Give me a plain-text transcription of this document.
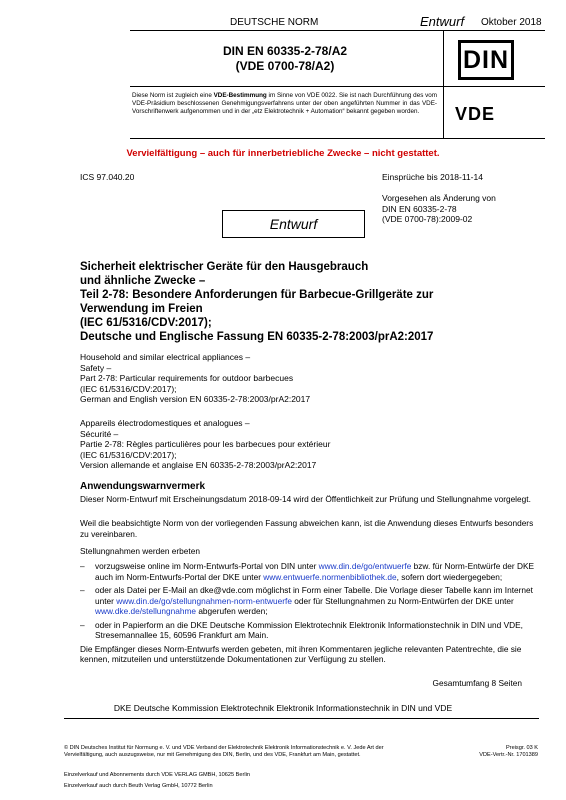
DEUTSCHE NORM	Entwurf Oktober 2018
DIN EN 60335-2-78/A2
(VDE 0700-78/A2)	DIN
Diese Norm ist zugleich eine VDE-Bestimmung im Sinne von VDE 0022. Sie ist nach Durchführung des vom VDE-Präsidium beschlossenen Genehmigungsverfahrens unter der oben angeführten Nummer in das VDE-Vorschriftenwerk aufgenommen und in der „etz Elektrotechnik + Automation“ bekannt gegeben worden.	VDE
Vervielfältigung – auch für innerbetriebliche Zwecke – nicht gestattet.
ICS 97.040.20	Einsprüche bis 2018-11-14
Vorgesehen als Änderung von
DIN EN 60335-2-78
(VDE 0700-78):2009-02
Entwurf
Sicherheit elektrischer Geräte für den Hausgebrauch
und ähnliche Zwecke –
Teil 2-78: Besondere Anforderungen für Barbecue-Grillgeräte zur
Verwendung im Freien
(IEC 61/5316/CDV:2017);
Deutsche und Englische Fassung EN 60335-2-78:2003/prA2:2017
Household and similar electrical appliances –
Safety –
Part 2-78: Particular requirements for outdoor barbecues
(IEC 61/5316/CDV:2017);
German and English version EN 60335-2-78:2003/prA2:2017
Appareils électrodomestiques et analogues –
Sécurité –
Partie 2-78: Règles particulières pour les barbecues pour extérieur
(IEC 61/5316/CDV:2017);
Version allemande et anglaise EN 60335-2-78:2003/prA2:2017
Anwendungswarnvermerk
Dieser Norm-Entwurf mit Erscheinungsdatum 2018-09-14 wird der Öffentlichkeit zur Prüfung und Stellungnahme vorgelegt.
Weil die beabsichtigte Norm von der vorliegenden Fassung abweichen kann, ist die Anwendung dieses Entwurfs besonders zu vereinbaren.
Stellungnahmen werden erbeten
– vorzugsweise online im Norm-Entwurfs-Portal von DIN unter www.din.de/go/entwuerfe bzw. für Norm-Entwürfe der DKE auch im Norm-Entwurfs-Portal der DKE unter www.entwuerfe.normenbibliothek.de, sofern dort wiedergegeben;
– oder als Datei per E-Mail an dke@vde.com möglichst in Form einer Tabelle. Die Vorlage dieser Tabelle kann im Internet unter www.din.de/go/stellungnahmen-norm-entwuerfe oder für Stellungnahmen zu Norm-Entwürfen der DKE unter www.dke.de/stellungnahme abgerufen werden;
– oder in Papierform an die DKE Deutsche Kommission Elektrotechnik Elektronik Informationstechnik in DIN und VDE, Stresemannallee 15, 60596 Frankfurt am Main.
Die Empfänger dieses Norm-Entwurfs werden gebeten, mit ihren Kommentaren jegliche relevanten Patentrechte, die sie kennen, mitzuteilen und unterstützende Dokumentationen zur Verfügung zu stellen.
Gesamtumfang 8 Seiten
DKE Deutsche Kommission Elektrotechnik Elektronik Informationstechnik in DIN und VDE
© DIN Deutsches Institut für Normung e. V. und VDE Verband der Elektrotechnik Elektronik Informationstechnik e. V. Jede Art der Vervielfältigung, auch auszugsweise, nur mit Genehmigung des DIN, Berlin, und des VDE, Frankfurt am Main, gestattet.
Preisgr. 03 K
VDE-Vertr.-Nr. 1701389
Einzelverkauf und Abonnements durch VDE VERLAG GMBH, 10625 Berlin
Einzelverkauf auch durch Beuth Verlag GmbH, 10772 Berlin
